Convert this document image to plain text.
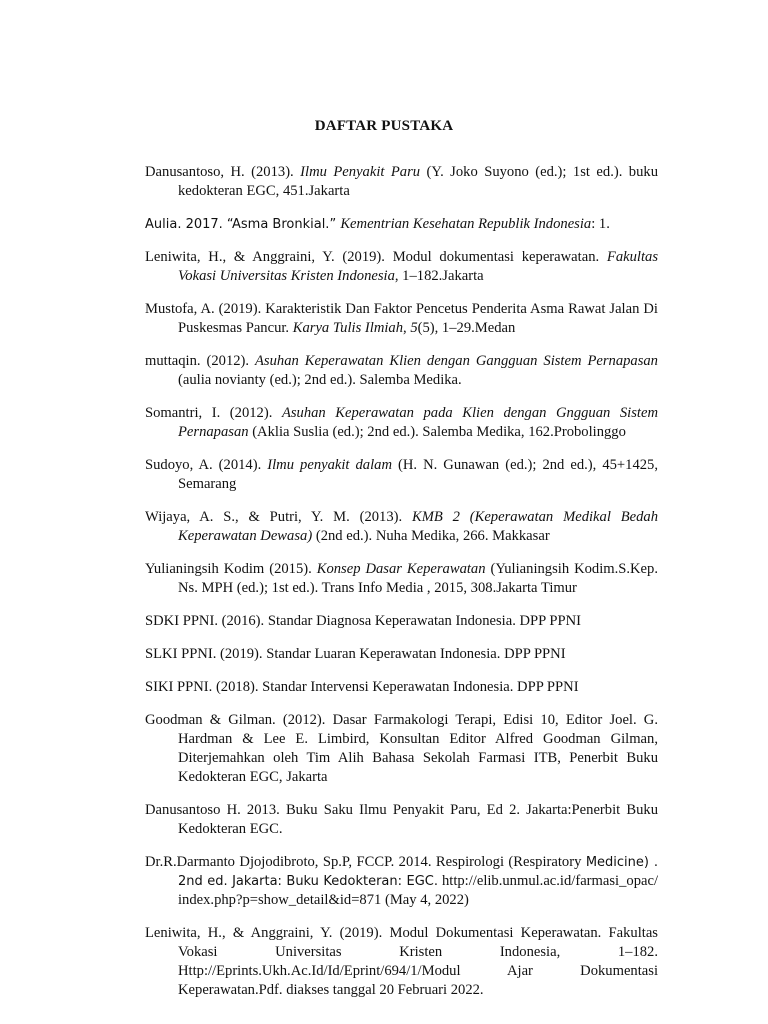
DAFTAR PUSTAKA

Danusantoso, H. (2013). Ilmu Penyakit Paru (Y. Joko Suyono (ed.); 1st ed.). buku kedokteran EGC, 451.Jakarta

Aulia. 2017. “Asma Bronkial.” Kementrian Kesehatan Republik Indonesia: 1.

Leniwita, H., & Anggraini, Y. (2019). Modul dokumentasi keperawatan. Fakultas Vokasi Universitas Kristen Indonesia, 1–182.Jakarta

Mustofa, A. (2019). Karakteristik Dan Faktor Pencetus Penderita Asma Rawat Jalan Di Puskesmas Pancur. Karya Tulis Ilmiah, 5(5), 1–29.Medan

muttaqin. (2012). Asuhan Keperawatan Klien dengan Gangguan Sistem Pernapasan (aulia novianty (ed.); 2nd ed.). Salemba Medika.

Somantri, I. (2012). Asuhan Keperawatan pada Klien dengan Gngguan Sistem Pernapasan (Aklia Suslia (ed.); 2nd ed.). Salemba Medika, 162.Probolinggo

Sudoyo, A. (2014). Ilmu penyakit dalam (H. N. Gunawan (ed.); 2nd ed.), 45+1425, Semarang

Wijaya, A. S., & Putri, Y. M. (2013). KMB 2 (Keperawatan Medikal Bedah Keperawatan Dewasa) (2nd ed.). Nuha Medika, 266. Makkasar

Yulianingsih Kodim (2015). Konsep Dasar Keperawatan (Yulianingsih Kodim.S.Kep. Ns. MPH (ed.); 1st ed.). Trans Info Media , 2015, 308.Jakarta Timur

SDKI PPNI. (2016). Standar Diagnosa Keperawatan Indonesia. DPP PPNI

SLKI PPNI. (2019). Standar Luaran Keperawatan Indonesia. DPP PPNI

SIKI PPNI. (2018). Standar Intervensi Keperawatan Indonesia. DPP PPNI

Goodman & Gilman. (2012). Dasar Farmakologi Terapi, Edisi 10, Editor Joel. G. Hardman & Lee E. Limbird, Konsultan Editor Alfred Goodman Gilman, Diterjemahkan oleh Tim Alih Bahasa Sekolah Farmasi ITB, Penerbit Buku Kedokteran EGC, Jakarta

Danusantoso H. 2013. Buku Saku Ilmu Penyakit Paru, Ed 2. Jakarta:Penerbit Buku Kedokteran EGC.

Dr.R.Darmanto Djojodibroto, Sp.P, FCCP. 2014. Respirologi (Respiratory Medicine) . 2nd ed. Jakarta: Buku Kedokteran: EGC. http://elib.unmul.ac.id/farmasi_opac/index.php?p=show_detail&id=871 (May 4, 2022)

Leniwita, H., & Anggraini, Y. (2019). Modul Dokumentasi Keperawatan. Fakultas Vokasi Universitas Kristen Indonesia, 1–182. Http://Eprints.Ukh.Ac.Id/Id/Eprint/694/1/Modul Ajar Dokumentasi Keperawatan.Pdf. diakses tanggal 20 Februari 2022.
